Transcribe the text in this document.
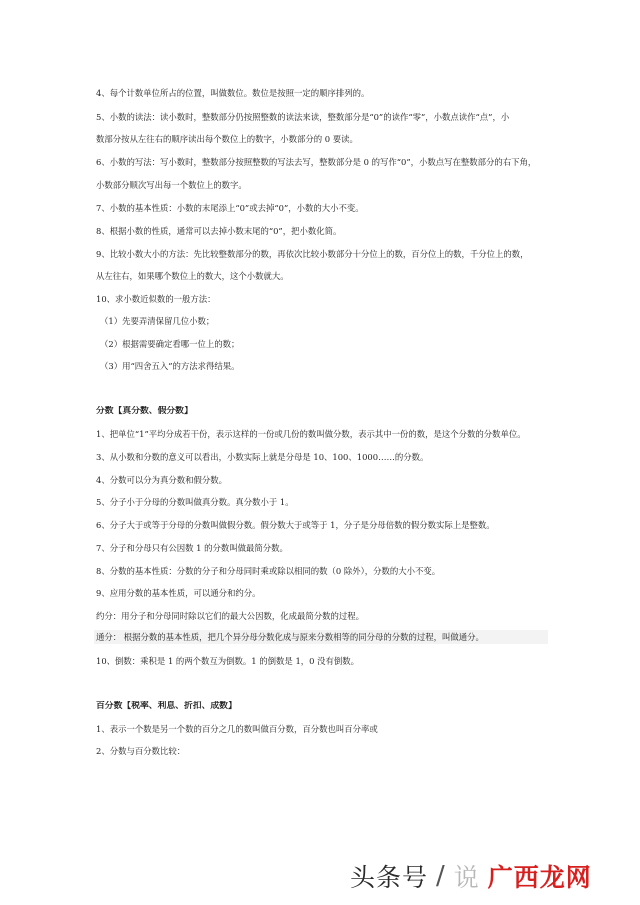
4、每个计数单位所占的位置，叫做数位。数位是按照一定的顺序排列的。
5、小数的读法：读小数时，整数部分仍按照整数的读法来读，整数部分是“0”的读作“零”，小数点读作“点”，小
数部分按从左往右的顺序读出每个数位上的数字，小数部分的 0 要读。
6、小数的写法：写小数时，整数部分按照整数的写法去写，整数部分是 0 的写作“0”，小数点写在整数部分的右下角，
小数部分顺次写出每一个数位上的数字。
7、小数的基本性质：小数的末尾添上“0”或去掉“0”，小数的大小不变。
8、根据小数的性质，通常可以去掉小数末尾的“0”，把小数化简。
9、比较小数大小的方法：先比较整数部分的数，再依次比较小数部分十分位上的数，百分位上的数，千分位上的数，
从左往右，如果哪个数位上的数大，这个小数就大。
10、求小数近似数的一般方法：
（1）先要弄清保留几位小数；
（2）根据需要确定看哪一位上的数；
（3）用“四舍五入”的方法求得结果。
分数【真分数、假分数】
1、把单位“1”平均分成若干份，表示这样的一份或几份的数叫做分数，表示其中一份的数，是这个分数的分数单位。
3、从小数和分数的意义可以看出，小数实际上就是分母是 10、100、1000……的分数。
4、分数可以分为真分数和假分数。
5、分子小于分母的分数叫做真分数。真分数小于 1。
6、分子大于或等于分母的分数叫做假分数。假分数大于或等于 1，分子是分母倍数的假分数实际上是整数。
7、分子和分母只有公因数 1 的分数叫做最简分数。
8、分数的基本性质：分数的分子和分母同时乘或除以相同的数（0 除外），分数的大小不变。
9、应用分数的基本性质，可以通分和约分。
约分：用分子和分母同时除以它们的最大公因数，化成最简分数的过程。
通分： 根据分数的基本性质，把几个异分母分数化成与原来分数相等的同分母的分数的过程，叫做通分。
10、倒数：乘积是 1 的两个数互为倒数。1 的倒数是 1，0 没有倒数。
百分数【税率、利息、折扣、成数】
1、表示一个数是另一个数的百分之几的数叫做百分数，百分数也叫百分率或
2、分数与百分数比较：
头条号 / 说 广西龙网
